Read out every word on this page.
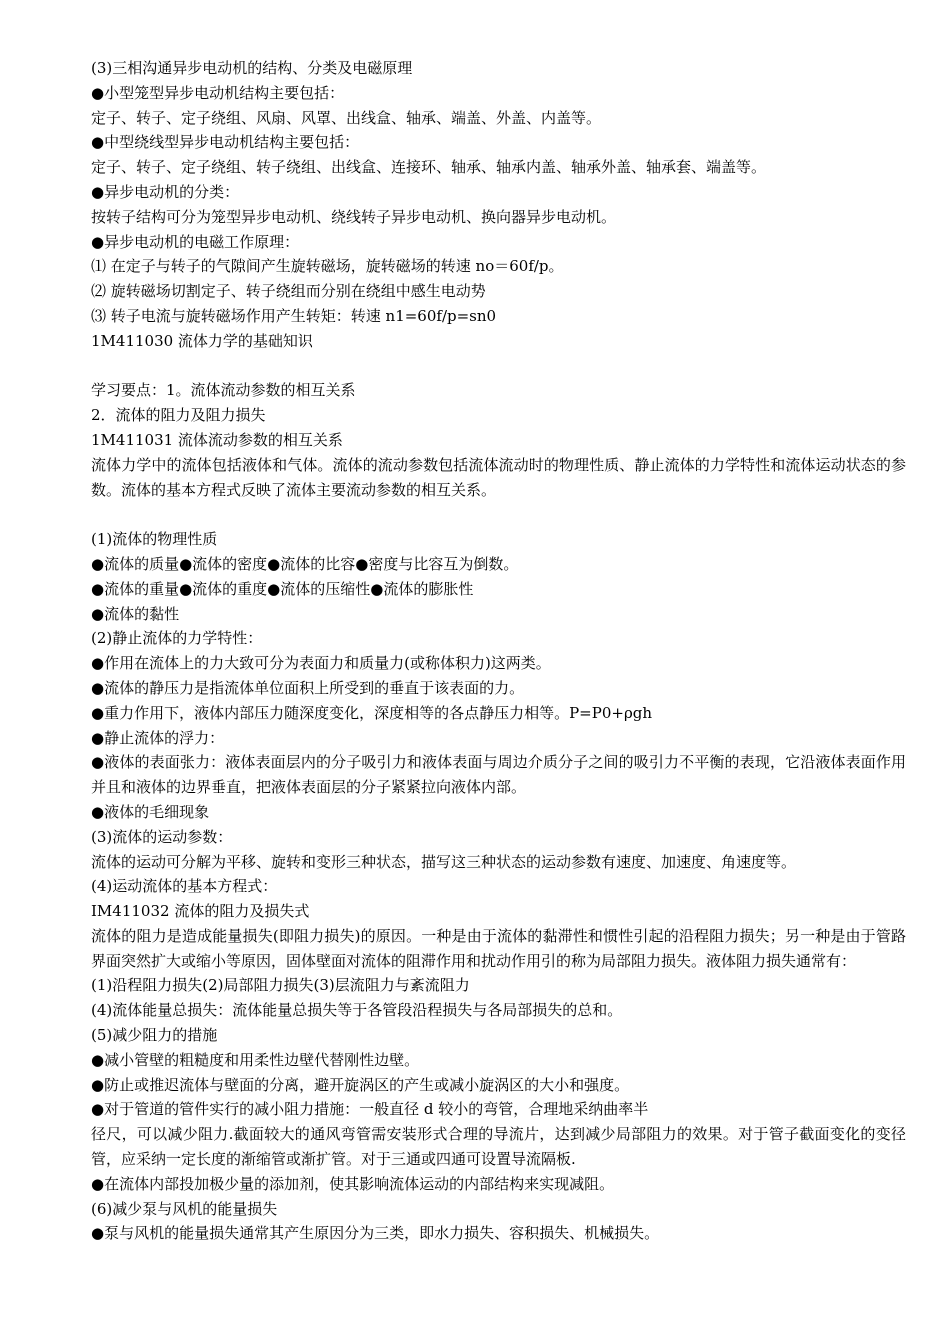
(3)三相沟通异步电动机的结构、分类及电磁原理
●小型笼型异步电动机结构主要包括：
定子、转子、定子绕组、风扇、风罩、出线盒、轴承、端盖、外盖、内盖等。
●中型绕线型异步电动机结构主要包括：
定子、转子、定子绕组、转子绕组、出线盒、连接环、轴承、轴承内盖、轴承外盖、轴承套、端盖等。
●异步电动机的分类：
按转子结构可分为笼型异步电动机、绕线转子异步电动机、换向器异步电动机。
●异步电动机的电磁工作原理：
⑴ 在定子与转子的气隙间产生旋转磁场，旋转磁场的转速 no＝60f/p。
⑵ 旋转磁场切割定子、转子绕组而分别在绕组中感生电动势
⑶ 转子电流与旋转磁场作用产生转矩：转速 n1=60f/p=sn0
1M411030 流体力学的基础知识
学习要点：1。流体流动参数的相互关系
2．流体的阻力及阻力损失
1M411031 流体流动参数的相互关系
流体力学中的流体包括液体和气体。流体的流动参数包括流体流动时的物理性质、静止流体的力学特性和流体运动状态的参数。流体的基本方程式反映了流体主要流动参数的相互关系。
(1)流体的物理性质
●流体的质量●流体的密度●流体的比容●密度与比容互为倒数。
●流体的重量●流体的重度●流体的压缩性●流体的膨胀性
●流体的黏性
(2)静止流体的力学特性：
●作用在流体上的力大致可分为表面力和质量力(或称体积力)这两类。
●流体的静压力是指流体单位面积上所受到的垂直于该表面的力。
●重力作用下，液体内部压力随深度变化，深度相等的各点静压力相等。P=P0+ρgh
●静止流体的浮力：
●液体的表面张力：液体表面层内的分子吸引力和液体表面与周边介质分子之间的吸引力不平衡的表现，它沿液体表面作用并且和液体的边界垂直，把液体表面层的分子紧紧拉向液体内部。
●液体的毛细现象
(3)流体的运动参数：
流体的运动可分解为平移、旋转和变形三种状态，描写这三种状态的运动参数有速度、加速度、角速度等。
(4)运动流体的基本方程式：
IM411032 流体的阻力及损失式
流体的阻力是造成能量损失(即阻力损失)的原因。一种是由于流体的黏滞性和惯性引起的沿程阻力损失；另一种是由于管路界面突然扩大或缩小等原因，固体壁面对流体的阻滞作用和扰动作用引的称为局部阻力损失。液体阻力损失通常有：
(1)沿程阻力损失(2)局部阻力损失(3)层流阻力与紊流阻力
(4)流体能量总损失：流体能量总损失等于各管段沿程损失与各局部损失的总和。
(5)减少阻力的措施
●减小管壁的粗糙度和用柔性边壁代替刚性边壁。
●防止或推迟流体与壁面的分离，避开旋涡区的产生或减小旋涡区的大小和强度。
●对于管道的管件实行的减小阻力措施：一般直径 d 较小的弯管，合理地采纳曲率半
径尺，可以减少阻力.截面较大的通风弯管需安装形式合理的导流片，达到减少局部阻力的效果。对于管子截面变化的变径管，应采纳一定长度的渐缩管或渐扩管。对于三通或四通可设置导流隔板.
●在流体内部投加极少量的添加剂，使其影响流体运动的内部结构来实现减阻。
(6)减少泵与风机的能量损失
●泵与风机的能量损失通常其产生原因分为三类，即水力损失、容积损失、机械损失。
